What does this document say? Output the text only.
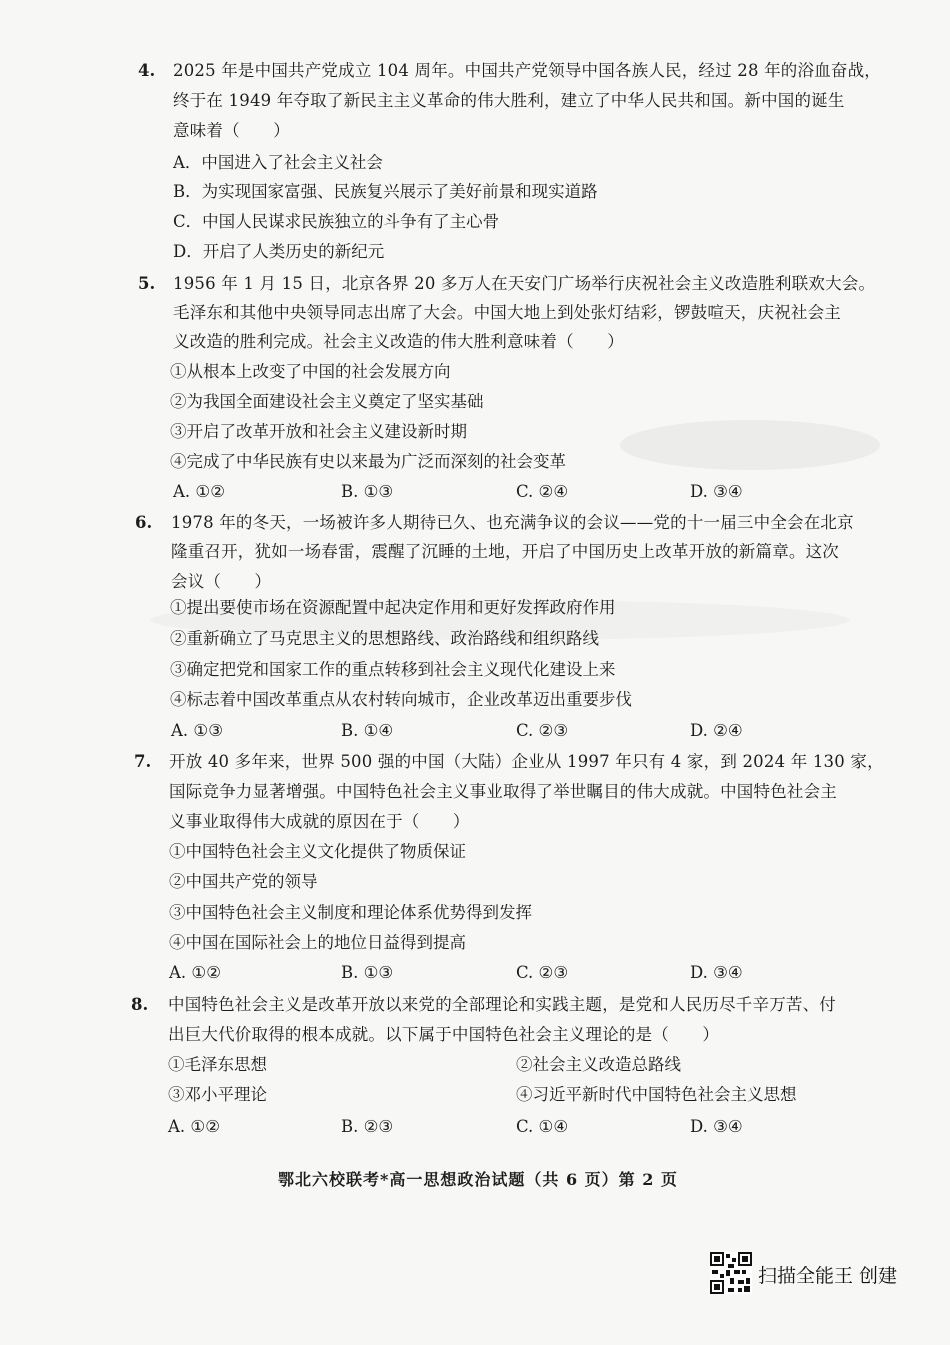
4. 2025 年是中国共产党成立 104 周年。中国共产党领导中国各族人民，经过 28 年的浴血奋战，
终于在 1949 年夺取了新民主主义革命的伟大胜利，建立了中华人民共和国。新中国的诞生
意味着（　　）
A．中国进入了社会主义社会
B．为实现国家富强、民族复兴展示了美好前景和现实道路
C．中国人民谋求民族独立的斗争有了主心骨
D．开启了人类历史的新纪元
5. 1956 年 1 月 15 日，北京各界 20 多万人在天安门广场举行庆祝社会主义改造胜利联欢大会。
毛泽东和其他中央领导同志出席了大会。中国大地上到处张灯结彩，锣鼓喧天，庆祝社会主
义改造的胜利完成。社会主义改造的伟大胜利意味着（　　）
①从根本上改变了中国的社会发展方向
②为我国全面建设社会主义奠定了坚实基础
③开启了改革开放和社会主义建设新时期
④完成了中华民族有史以来最为广泛而深刻的社会变革
A. ①②	B. ①③	C. ②④	D. ③④
6. 1978 年的冬天，一场被许多人期待已久、也充满争议的会议——党的十一届三中全会在北京
隆重召开，犹如一场春雷，震醒了沉睡的土地，开启了中国历史上改革开放的新篇章。这次
会议（　　）
①提出要使市场在资源配置中起决定作用和更好发挥政府作用
②重新确立了马克思主义的思想路线、政治路线和组织路线
③确定把党和国家工作的重点转移到社会主义现代化建设上来
④标志着中国改革重点从农村转向城市，企业改革迈出重要步伐
A. ①③	B. ①④	C. ②③	D. ②④
7. 开放 40 多年来，世界 500 强的中国（大陆）企业从 1997 年只有 4 家，到 2024 年 130 家，
国际竞争力显著增强。中国特色社会主义事业取得了举世瞩目的伟大成就。中国特色社会主
义事业取得伟大成就的原因在于（　　）
①中国特色社会主义文化提供了物质保证
②中国共产党的领导
③中国特色社会主义制度和理论体系优势得到发挥
④中国在国际社会上的地位日益得到提高
A. ①②	B. ①③	C. ②③	D. ③④
8. 中国特色社会主义是改革开放以来党的全部理论和实践主题，是党和人民历尽千辛万苦、付
出巨大代价取得的根本成就。以下属于中国特色社会主义理论的是（　　）
①毛泽东思想	②社会主义改造总路线
③邓小平理论	④习近平新时代中国特色社会主义思想
A. ①②	B. ②③	C. ①④	D. ③④
鄂北六校联考*高一思想政治试题（共 6 页）第 2 页
扫描全能王 创建
